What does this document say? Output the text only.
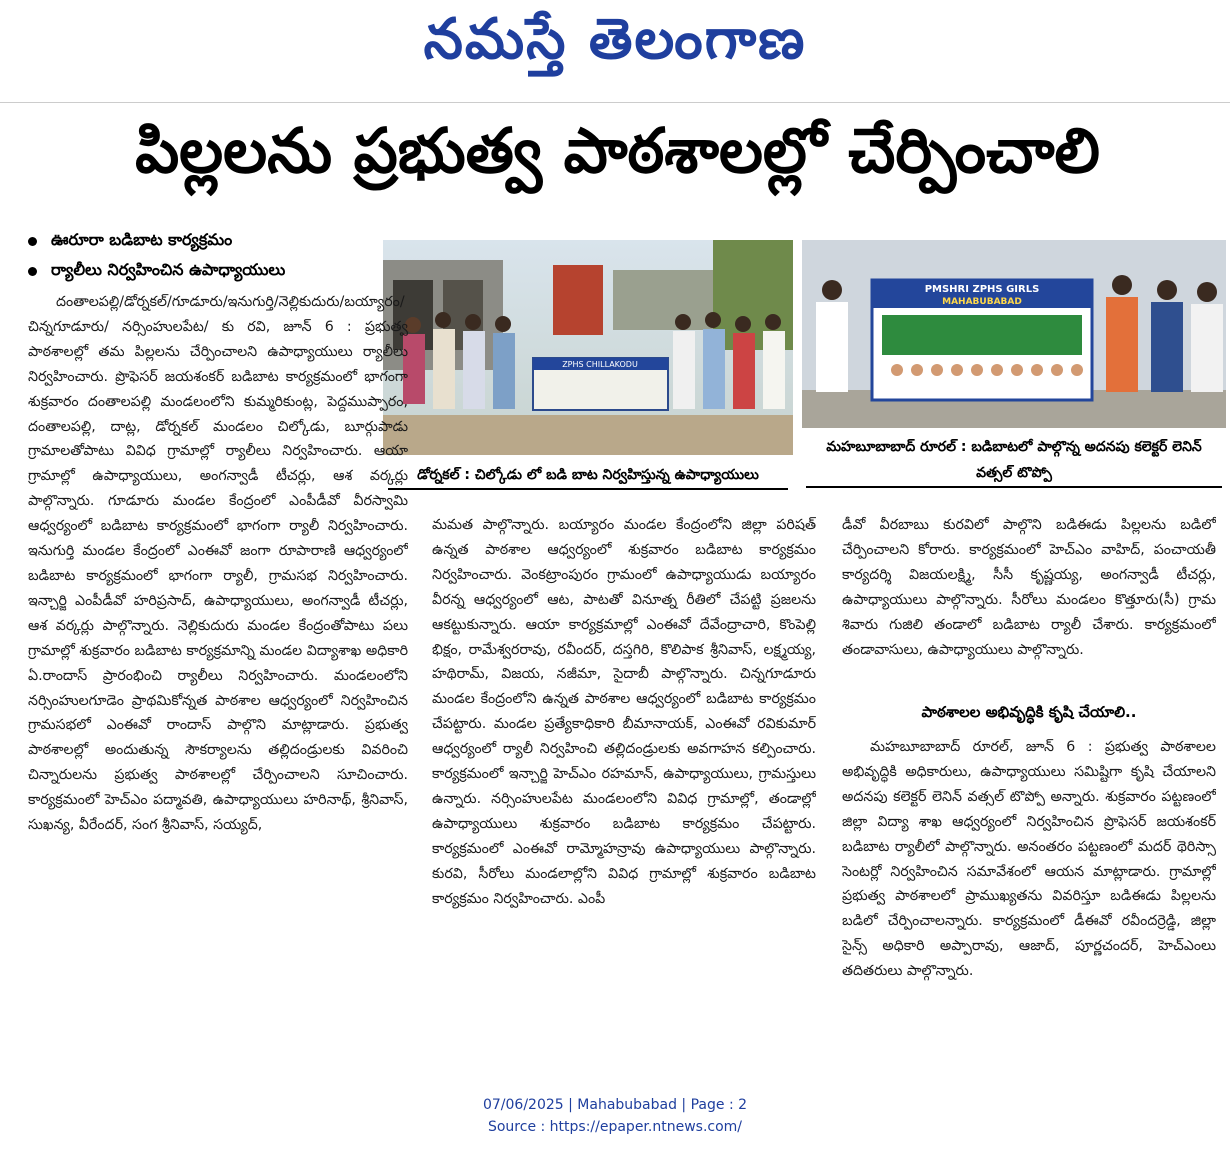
నమస్తే తెలంగాణ
పిల్లలను ప్రభుత్వ పాఠశాలల్లో చేర్పించాలి
ఊరూరా బడిబాట కార్యక్రమం
ర్యాలీలు నిర్వహించిన ఉపాధ్యాయులు
ZPHS CHILLAKODU
డోర్నకల్ : చిల్కోడు లో బడి బాట నిర్వహిస్తున్న ఉపాధ్యాయులు
PMSHRI ZPHS GIRLS
MAHABUBABAD
మహబూబాబాద్ రూరల్ : బడిబాటలో పాల్గొన్న అదనపు కలెక్టర్ లెనిన్ వత్సల్ టొప్పో

దంతాలపల్లి/డోర్నకల్/గూడూరు/ఇనుగుర్తి/నెల్లికుదురు/బయ్యారం/చిన్నగూడూరు/ నర్సింహులపేట/ కు రవి, జూన్ 6 : ప్రభుత్వ పాఠశాలల్లో తమ పిల్లలను చేర్పించాలని ఉపాధ్యాయులు ర్యాలీలు నిర్వహించారు. ప్రొఫెసర్ జయశంకర్ బడిబాట కార్యక్రమంలో భాగంగా శుక్రవారం దంతాలపల్లి మండలంలోని కుమ్మరికుంట్ల, పెద్దముప్పారం, దంతాలపల్లి, దాట్ల, డోర్నకల్ మండలం చిల్కోడు, బూర్గుపాడు గ్రామాలతోపాటు వివిధ గ్రామాల్లో ర్యాలీలు నిర్వహించారు. ఆయా గ్రామాల్లో ఉపాధ్యాయులు, అంగన్వాడీ టీచర్లు, ఆశ వర్కర్లు పాల్గొన్నారు. గూడూరు మండల కేంద్రంలో ఎంపీడీవో వీరస్వామి ఆధ్వర్యంలో బడిబాట కార్యక్రమంలో భాగంగా ర్యాలీ నిర్వహించారు. ఇనుగుర్తి మండల కేంద్రంలో ఎంఈవో జంగా రూపారాణి ఆధ్వర్యంలో బడిబాట కార్యక్రమంలో భాగంగా ర్యాలీ, గ్రామసభ నిర్వహించారు. ఇన్చార్జి ఎంపీడీవో హరిప్రసాద్, ఉపాధ్యాయులు, అంగన్వాడీ టీచర్లు, ఆశ వర్కర్లు పాల్గొన్నారు. నెల్లికుదురు మండల కేంద్రంతోపాటు పలు గ్రామాల్లో శుక్రవారం బడిబాట కార్యక్రమాన్ని మండల విద్యాశాఖ అధికారి ఏ.రాందాస్ ప్రారంభించి ర్యాలీలు నిర్వహించారు. మండలంలోని నర్సింహులగూడెం ప్రాథమికోన్నత పాఠశాల ఆధ్వర్యంలో నిర్వహించిన గ్రామసభలో ఎంఈవో రాందాస్ పాల్గొని మాట్లాడారు. ప్రభుత్వ పాఠశాలల్లో అందుతున్న సౌకర్యాలను తల్లిదండ్రులకు వివరించి చిన్నారులను ప్రభుత్వ పాఠశాలల్లో చేర్పించాలని సూచించారు. కార్యక్రమంలో హెచ్ఎం పద్మావతి, ఉపాధ్యాయులు హరినాథ్, శ్రీనివాస్, సుఖన్య, వీరేందర్, సంగ శ్రీనివాస్, సయ్యద్,

మమత పాల్గొన్నారు. బయ్యారం మండల కేంద్రంలోని జిల్లా పరిషత్ ఉన్నత పాఠశాల ఆధ్వర్యంలో శుక్రవారం బడిబాట కార్యక్రమం నిర్వహించారు. వెంకట్రాంపురం గ్రామంలో ఉపాధ్యాయుడు బయ్యారం వీరన్న ఆధ్వర్యంలో ఆట, పాటతో వినూత్న రీతిలో చేపట్టి ప్రజలను ఆకట్టుకున్నారు. ఆయా కార్యక్రమాల్లో ఎంఈవో దేవేంద్రాచారి, కొంపెల్లి భిక్షం, రామేశ్వరరావు, రవీందర్, దస్తగిరి, కొలిపాక శ్రీనివాస్, లక్ష్మయ్య, హథిరామ్, విజయ, నజీమా, సైదాబీ పాల్గొన్నారు. చిన్నగూడూరు మండల కేంద్రంలోని ఉన్నత పాఠశాల ఆధ్వర్యంలో బడిబాట కార్యక్రమం చేపట్టారు. మండల ప్రత్యేకాధికారి బీమానాయక్, ఎంఈవో రవికుమార్ ఆధ్వర్యంలో ర్యాలీ నిర్వహించి తల్లిదండ్రులకు అవగాహన కల్పించారు. కార్యక్రమంలో ఇన్చార్జి హెచ్ఎం రహమాన్, ఉపాధ్యాయులు, గ్రామస్తులు ఉన్నారు. నర్సింహులపేట మండలంలోని వివిధ గ్రామాల్లో, తండాల్లో ఉపాధ్యాయులు శుక్రవారం బడిబాట కార్యక్రమం చేపట్టారు. కార్యక్రమంలో ఎంఈవో రామ్మోహన్రావు ఉపాధ్యాయులు పాల్గొన్నారు. కురవి, సీరోలు మండలాల్లోని వివిధ గ్రామాల్లో శుక్రవారం బడిబాట కార్యక్రమం నిర్వహించారు. ఎంపీ

డీవో వీరబాబు కురవిలో పాల్గొని బడిఈడు పిల్లలను బడిలో చేర్పించాలని కోరారు. కార్యక్రమంలో హెచ్ఎం వాహిద్, పంచాయతీ కార్యదర్శి విజయలక్ష్మి, సీసీ కృష్ణయ్య, అంగన్వాడీ టీచర్లు, ఉపాధ్యాయులు పాల్గొన్నారు. సీరోలు మండలం కొత్తూరు(సీ) గ్రామ శివారు గుజిలి తండాలో బడిబాట ర్యాలీ చేశారు. కార్యక్రమంలో తండావాసులు, ఉపాధ్యాయులు పాల్గొన్నారు.

పాఠశాలల అభివృద్ధికి కృషి చేయాలి..

మహబూబాబాద్ రూరల్, జూన్ 6 : ప్రభుత్వ పాఠశాలల అభివృద్ధికి అధికారులు, ఉపాధ్యాయులు సమిష్టిగా కృషి చేయాలని అదనపు కలెక్టర్ లెనిన్ వత్సల్ టొప్పో అన్నారు. శుక్రవారం పట్టణంలో జిల్లా విద్యా శాఖ ఆధ్వర్యంలో నిర్వహించిన ప్రొఫెసర్ జయశంకర్ బడిబాట ర్యాలీలో పాల్గొన్నారు. అనంతరం పట్టణంలో మదర్ థెరిస్సా సెంటర్లో నిర్వహించిన సమావేశంలో ఆయన మాట్లాడారు. గ్రామాల్లో ప్రభుత్వ పాఠశాలలో ప్రాముఖ్యతను వివరిస్తూ బడిఈడు పిల్లలను బడిలో చేర్పించాలన్నారు. కార్యక్రమంలో డీఈవో రవీందర్రెడ్డి, జిల్లా సైన్స్ అధికారి అప్పారావు, ఆజాద్, పూర్ణచందర్, హెచ్ఎంలు తదితరులు పాల్గొన్నారు.

07/06/2025 | Mahabubabad | Page : 2
Source : https://epaper.ntnews.com/
